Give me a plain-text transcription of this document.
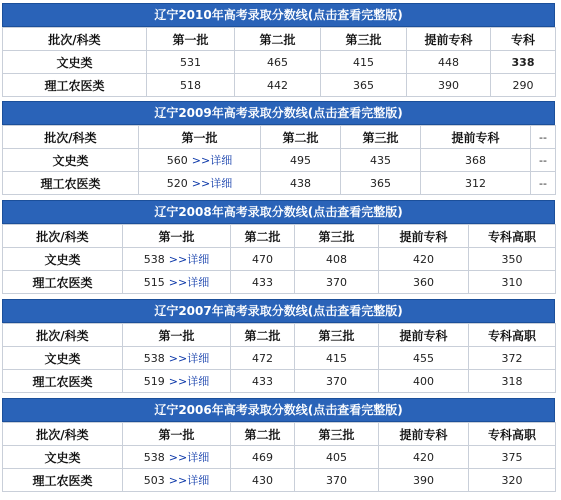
辽宁2010年高考录取分数线(点击查看完整版)
批次/科类	第一批	第二批	第三批	提前专科	专科
文史类	531	465	415	448	338
理工农医类	518	442	365	390	290
辽宁2009年高考录取分数线(点击查看完整版)
批次/科类	第一批	第二批	第三批	提前专科	--
文史类	560 >>详细	495	435	368	--
理工农医类	520 >>详细	438	365	312	--
辽宁2008年高考录取分数线(点击查看完整版)
批次/科类	第一批	第二批	第三批	提前专科	专科高职
文史类	538 >>详细	470	408	420	350
理工农医类	515 >>详细	433	370	360	310
辽宁2007年高考录取分数线(点击查看完整版)
批次/科类	第一批	第二批	第三批	提前专科	专科高职
文史类	538 >>详细	472	415	455	372
理工农医类	519 >>详细	433	370	400	318
辽宁2006年高考录取分数线(点击查看完整版)
批次/科类	第一批	第二批	第三批	提前专科	专科高职
文史类	538 >>详细	469	405	420	375
理工农医类	503 >>详细	430	370	390	320
